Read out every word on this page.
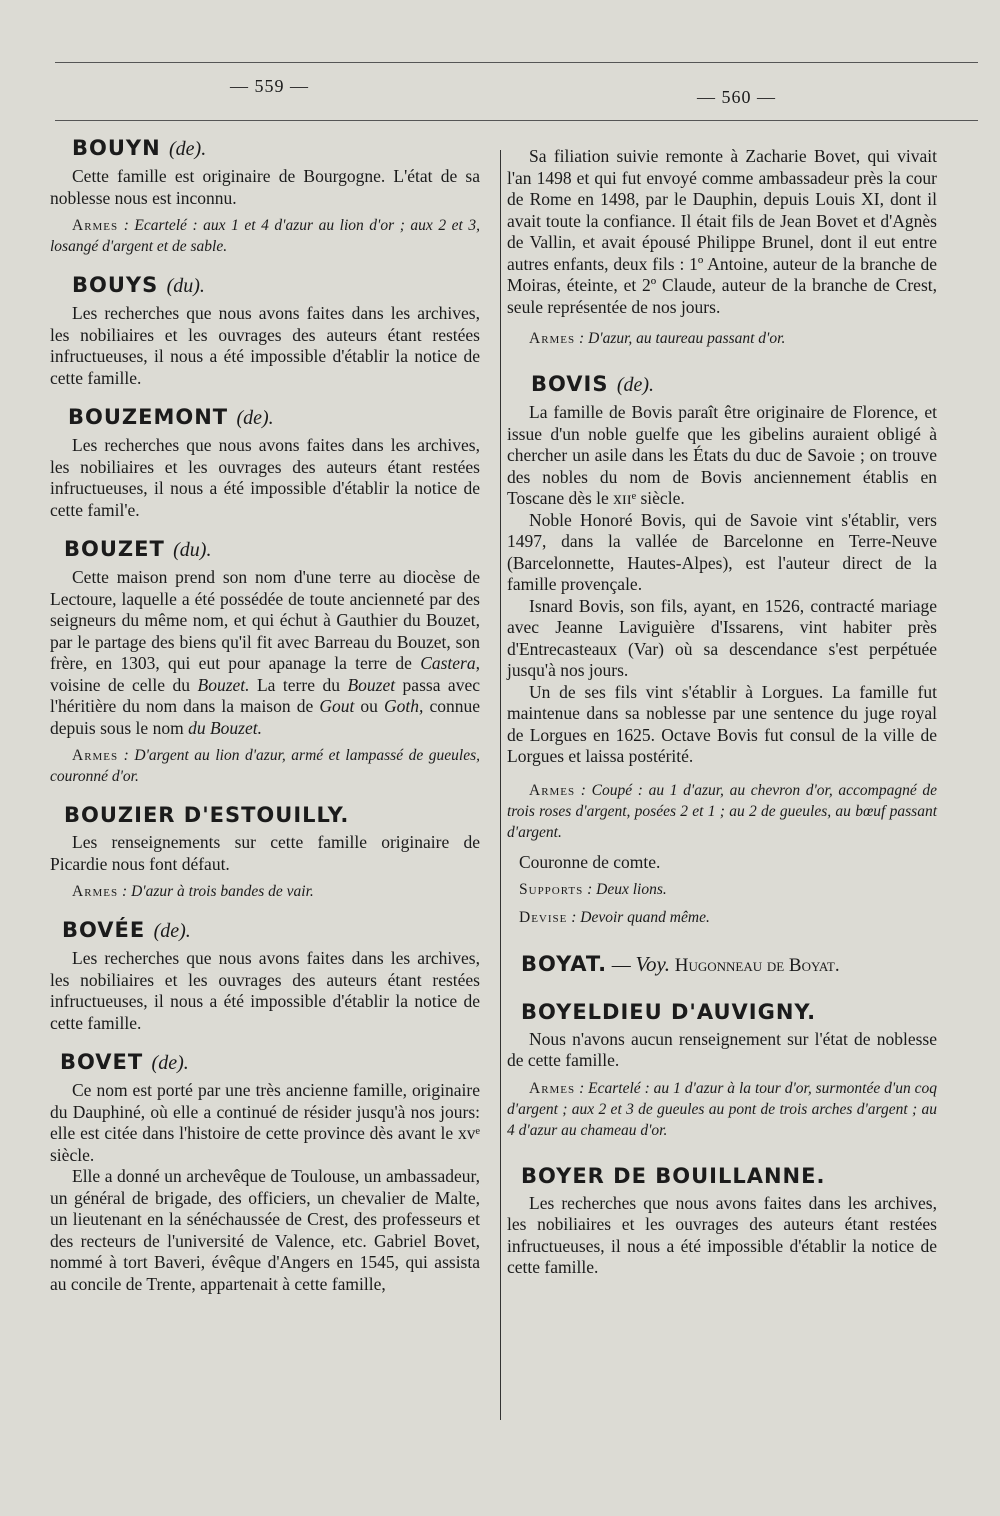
— 559 —
— 560 —
BOUYN (de).

Cette famille est originaire de Bourgogne. L'état de sa noblesse nous est inconnu.

Armes : Ecartelé : aux 1 et 4 d'azur au lion d'or ; aux 2 et 3, losangé d'argent et de sable.

BOUYS (du).

Les recherches que nous avons faites dans les archives, les nobiliaires et les ouvrages des auteurs étant restées infructueuses, il nous a été impossible d'établir la notice de cette famille.

BOUZEMONT (de).

Les recherches que nous avons faites dans les archives, les nobiliaires et les ouvrages des auteurs étant restées infructueuses, il nous a été impossible d'établir la notice de cette famil'e.

BOUZET (du).

Cette maison prend son nom d'une terre au diocèse de Lectoure, laquelle a été possédée de toute ancienneté par des seigneurs du même nom, et qui échut à Gauthier du Bouzet, par le partage des biens qu'il fit avec Barreau du Bouzet, son frère, en 1303, qui eut pour apanage la terre de Castera, voisine de celle du Bouzet. La terre du Bouzet passa avec l'héritière du nom dans la maison de Gout ou Goth, connue depuis sous le nom du Bouzet.

Armes : D'argent au lion d'azur, armé et lampassé de gueules, couronné d'or.

BOUZIER D'ESTOUILLY.

Les renseignements sur cette famille originaire de Picardie nous font défaut.

Armes : D'azur à trois bandes de vair.

BOVÉE (de).

Les recherches que nous avons faites dans les archives, les nobiliaires et les ouvrages des auteurs étant restées infructueuses, il nous a été impossible d'établir la notice de cette famille.

BOVET (de).

Ce nom est porté par une très ancienne famille, originaire du Dauphiné, où elle a continué de résider jusqu'à nos jours: elle est citée dans l'histoire de cette province dès avant le xvᵉ siècle.

Elle a donné un archevêque de Toulouse, un ambassadeur, un général de brigade, des officiers, un chevalier de Malte, un lieutenant en la sénéchaussée de Crest, des professeurs et des recteurs de l'université de Valence, etc. Gabriel Bovet, nommé à tort Baveri, évêque d'Angers en 1545, qui assista au concile de Trente, appartenait à cette famille,

Sa filiation suivie remonte à Zacharie Bovet, qui vivait l'an 1498 et qui fut envoyé comme ambassadeur près la cour de Rome en 1498, par le Dauphin, depuis Louis XI, dont il avait toute la confiance. Il était fils de Jean Bovet et d'Agnès de Vallin, et avait épousé Philippe Brunel, dont il eut entre autres enfants, deux fils : 1º Antoine, auteur de la branche de Moiras, éteinte, et 2º Claude, auteur de la branche de Crest, seule représentée de nos jours.

Armes : D'azur, au taureau passant d'or.

BOVIS (de).

La famille de Bovis paraît être originaire de Florence, et issue d'un noble guelfe que les gibelins auraient obligé à chercher un asile dans les États du duc de Savoie ; on trouve des nobles du nom de Bovis anciennement établis en Toscane dès le xɪɪᵉ siècle.

Noble Honoré Bovis, qui de Savoie vint s'établir, vers 1497, dans la vallée de Barcelonne en Terre-Neuve (Barcelonnette, Hautes-Alpes), est l'auteur direct de la famille provençale.

Isnard Bovis, son fils, ayant, en 1526, contracté mariage avec Jeanne Laviguière d'Issarens, vint habiter près d'Entrecasteaux (Var) où sa descendance s'est perpétuée jusqu'à nos jours.

Un de ses fils vint s'établir à Lorgues. La famille fut maintenue dans sa noblesse par une sentence du juge royal de Lorgues en 1625. Octave Bovis fut consul de la ville de Lorgues et laissa postérité.

Armes : Coupé : au 1 d'azur, au chevron d'or, accompagné de trois roses d'argent, posées 2 et 1 ; au 2 de gueules, au bœuf passant d'argent.

Couronne de comte.

Supports : Deux lions.

Devise : Devoir quand même.

BOYAT. — Voy. Hugonneau de Boyat.
BOYELDIEU D'AUVIGNY.

Nous n'avons aucun renseignement sur l'état de noblesse de cette famille.

Armes : Ecartelé : au 1 d'azur à la tour d'or, surmontée d'un coq d'argent ; aux 2 et 3 de gueules au pont de trois arches d'argent ; au 4 d'azur au chameau d'or.

BOYER DE BOUILLANNE.

Les recherches que nous avons faites dans les archives, les nobiliaires et les ouvrages des auteurs étant restées infructueuses, il nous a été impossible d'établir la notice de cette famille.
